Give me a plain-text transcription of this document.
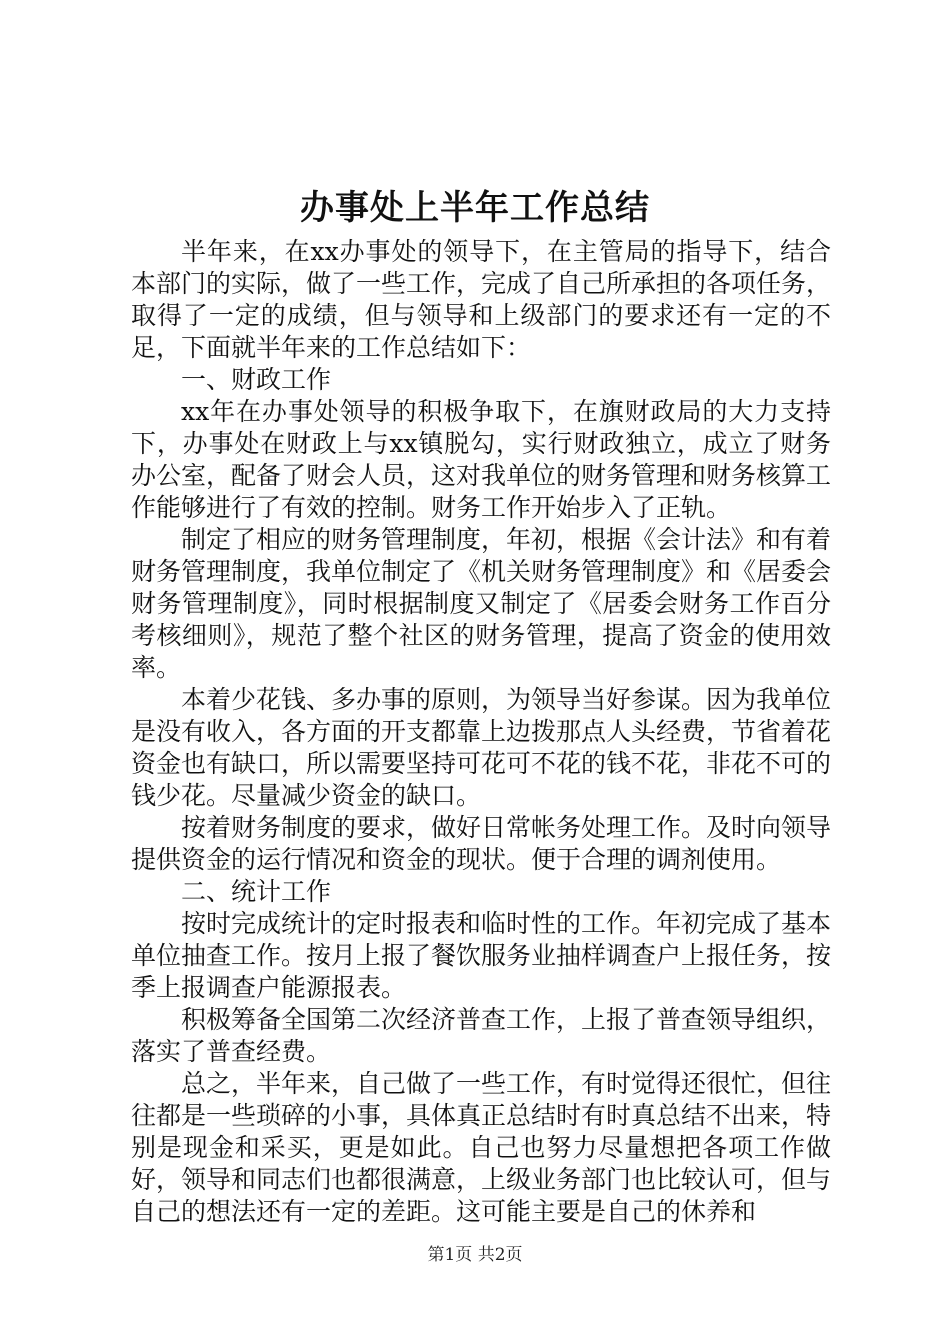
办事处上半年工作总结

半年来，在xx办事处的领导下，在主管局的指导下，结合本部门的实际，做了一些工作，完成了自己所承担的各项任务，取得了一定的成绩，但与领导和上级部门的要求还有一定的不足，下面就半年来的工作总结如下：

一、财政工作

xx年在办事处领导的积极争取下，在旗财政局的大力支持下，办事处在财政上与xx镇脱勾，实行财政独立，成立了财务办公室，配备了财会人员，这对我单位的财务管理和财务核算工作能够进行了有效的控制。财务工作开始步入了正轨。

制定了相应的财务管理制度，年初，根据《会计法》和有着财务管理制度，我单位制定了《机关财务管理制度》和《居委会财务管理制度》，同时根据制度又制定了《居委会财务工作百分考核细则》，规范了整个社区的财务管理，提高了资金的使用效率。

本着少花钱、多办事的原则，为领导当好参谋。因为我单位是没有收入，各方面的开支都靠上边拨那点人头经费，节省着花资金也有缺口，所以需要坚持可花可不花的钱不花，非花不可的钱少花。尽量减少资金的缺口。

按着财务制度的要求，做好日常帐务处理工作。及时向领导提供资金的运行情况和资金的现状。便于合理的调剂使用。

二、统计工作

按时完成统计的定时报表和临时性的工作。年初完成了基本单位抽查工作。按月上报了餐饮服务业抽样调查户上报任务，按季上报调查户能源报表。

积极筹备全国第二次经济普查工作，上报了普查领导组织，落实了普查经费。

总之，半年来，自己做了一些工作，有时觉得还很忙，但往往都是一些琐碎的小事，具体真正总结时有时真总结不出来，特别是现金和采买，更是如此。自己也努力尽量想把各项工作做好，领导和同志们也都很满意，上级业务部门也比较认可，但与自己的想法还有一定的差距。这可能主要是自己的休养和

第1页 共2页
